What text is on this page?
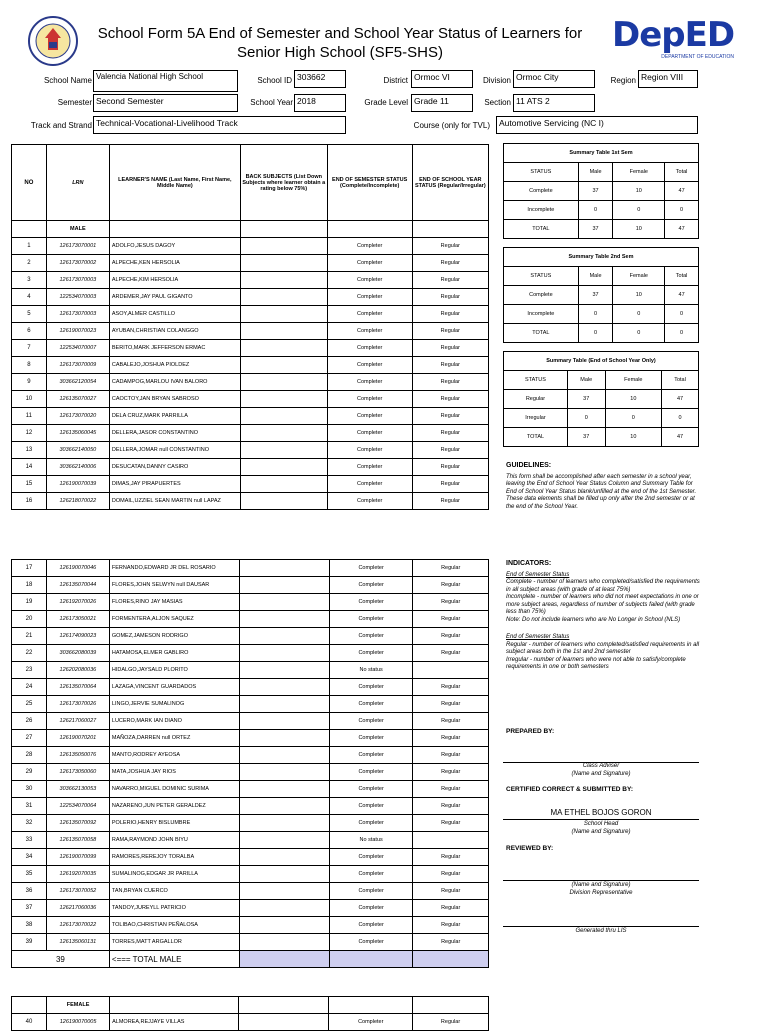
School Form 5A End of Semester and School Year Status of Learners for
Senior High School (SF5-SHS)	DepED
DEPARTMENT OF EDUCATION
School Name Valencia National High School	School ID 303662	District Ormoc VI	Division Ormoc City	Region Region VIII
Semester Second Semester	School Year 2018	Grade Level Grade 11	Section 11 ATS 2
Track and Strand Technical-Vocational-Livelihood Track	Course (only for TVL)	Automotive Servicing (NC I)
NO	LRN	LEARNER'S NAME (Last Name, First Name, Middle Name)	BACK SUBJECTS (List Down Subjects where learner obtain a rating below 75%)	END OF SEMESTER STATUS (Complete/Incomplete)	END OF SCHOOL YEAR STATUS (Regular/Irregular)
	MALE				
1	126173070001	ADOLFO,JESUS DAGOY		Completer	Regular
2	126173070002	ALPECHE,KEN HERSOLIA		Completer	Regular
3	126173070003	ALPECHE,KIM HERSOLIA		Completer	Regular
4	122534070003	ARDEMER,JAY PAUL GIGANTO		Completer	Regular
5	126173070003	ASOY,ALMER CASTILLO		Completer	Regular
6	126190070023	AYUBAN,CHRISTIAN COLANGGO		Completer	Regular
7	122534070007	BERITO,MARK JEFFERSON ERMAC		Completer	Regular
8	126173070009	CABALEJO,JOSHUA PIOLDEZ		Completer	Regular
9	303662120054	CADAMPOG,MARLOU IVAN BALORO		Completer	Regular
10	126135070027	CAOCTOY,JAN BRYAN SABROSO		Completer	Regular
11	126173070020	DELA CRUZ,MARK PARRILLA		Completer	Regular
12	126135060045	DELLERA,JASOR CONSTANTINO		Completer	Regular
13	303662140050	DELLERA,JOMAR null CONSTANTINO		Completer	Regular
14	303662140006	DESUCATAN,DANNY CASIRO		Completer	Regular
15	126190070039	DIMAS,JAY PIRAPUERTES		Completer	Regular
16	126218070022	DOMAIL,UZZIEL SEAN MARTIN null LAPAZ		Completer	Regular
17	126190070046	FERNANDO,EDWARD JR DEL ROSARIO		Completer	Regular
18	126135070044	FLORES,JOHN SELWYN null DAUSAR		Completer	Regular
19	126192070026	FLORES,RINO JAY MASIAS		Completer	Regular
20	126173050021	FORMENTERA,ALJON SAQUEZ		Completer	Regular
21	126174090023	GOMEZ,JAMESON RODRIGO		Completer	Regular
22	303662080039	HATAMOSA,ELMER GABLIRO		Completer	Regular
23	126202080036	HIDALGO,JAYSALD PLORITO		No status	
24	126135070064	LAZAGA,VINCENT GUARDADOS		Completer	Regular
25	126173070026	LINGO,JERVIE SUMALINOG		Completer	Regular
26	126217060027	LUCERO,MARK IAN DIANO		Completer	Regular
27	126190070201	MAÑOZA,DARREN null ORTEZ		Completer	Regular
28	126135050076	MANTO,RODREY AYEOSA		Completer	Regular
29	126173050060	MATA,JOSHUA JAY RIOS		Completer	Regular
30	303662130053	NAVARRO,MIGUEL DOMINIC SURIMA		Completer	Regular
31	122534070064	NAZARENO,JUN PETER GERALDEZ		Completer	Regular
32	126135070092	POLERIO,HENRY BISLUMBRE		Completer	Regular
33	126135070058	RAMA,RAYMOND JOHN BIYU		No status	
34	126190070099	RAMORES,REREJOY TORALBA		Completer	Regular
35	126192070035	SUMALINOG,EDGAR JR PARILLA		Completer	Regular
36	126173070052	TAN,BRYAN CUERCO		Completer	Regular
37	126217060036	TANDOY,JUREYLL PATRICIO		Completer	Regular
38	126173070022	TOLIBAO,CHRISTIAN PEÑALOSA		Completer	Regular
39	126135060131	TORRES,MATT ARGALLOR		Completer	Regular
39		<=== TOTAL MALE			
	FEMALE				
40	126190070005	ALMOREA,REJJAYE VILLAS		Completer	Regular
Summary Table 1st Sem			
STATUS	Male	Female	Total
Complete	37	10	47
Incomplete	0	0	0
TOTAL	37	10	47
Summary Table 2nd Sem			
STATUS	Male	Female	Total
Complete	37	10	47
Incomplete	0	0	0
TOTAL	0	0	0
Summary Table (End of School Year Only)			
STATUS	Male	Female	Total
Regular	37	10	47
Irregular	0	0	0
TOTAL	37	10	47
GUIDELINES:
This form shall be accomplished after each semester in a school year, leaving the End of School Year Status Column and Summary Table for End of School Year Status blank/unfilled at the end of the 1st Semester. These data elements shall be filled up only after the 2nd semester or at the end of the School Year.
INDICATORS:
End of Semester Status
Complete - number of learners who completed/satisfied the requirements in all subject areas (with grade of at least 75%)
Incomplete - number of learners who did not meet expectations in one or more subject areas, regardless of number of subjects failed (with grade less than 75%)
Note: Do not include learners who are No Longer in School (NLS)
End of Semester Status
Regular - number of learners who completed/satisfied requirements in all subject areas both in the 1st and 2nd semester
Irregular - number of learners who were not able to satisfy/complete requirements in one or both semesters
PREPARED BY:
Class Adviser
(Name and Signature)
CERTIFIED CORRECT & SUBMITTED BY:
MA ETHEL BOJOS GORON
School Head
(Name and Signature)
REVIEWED BY:
(Name and Signature)
Division Representative
Generated thru LIS
